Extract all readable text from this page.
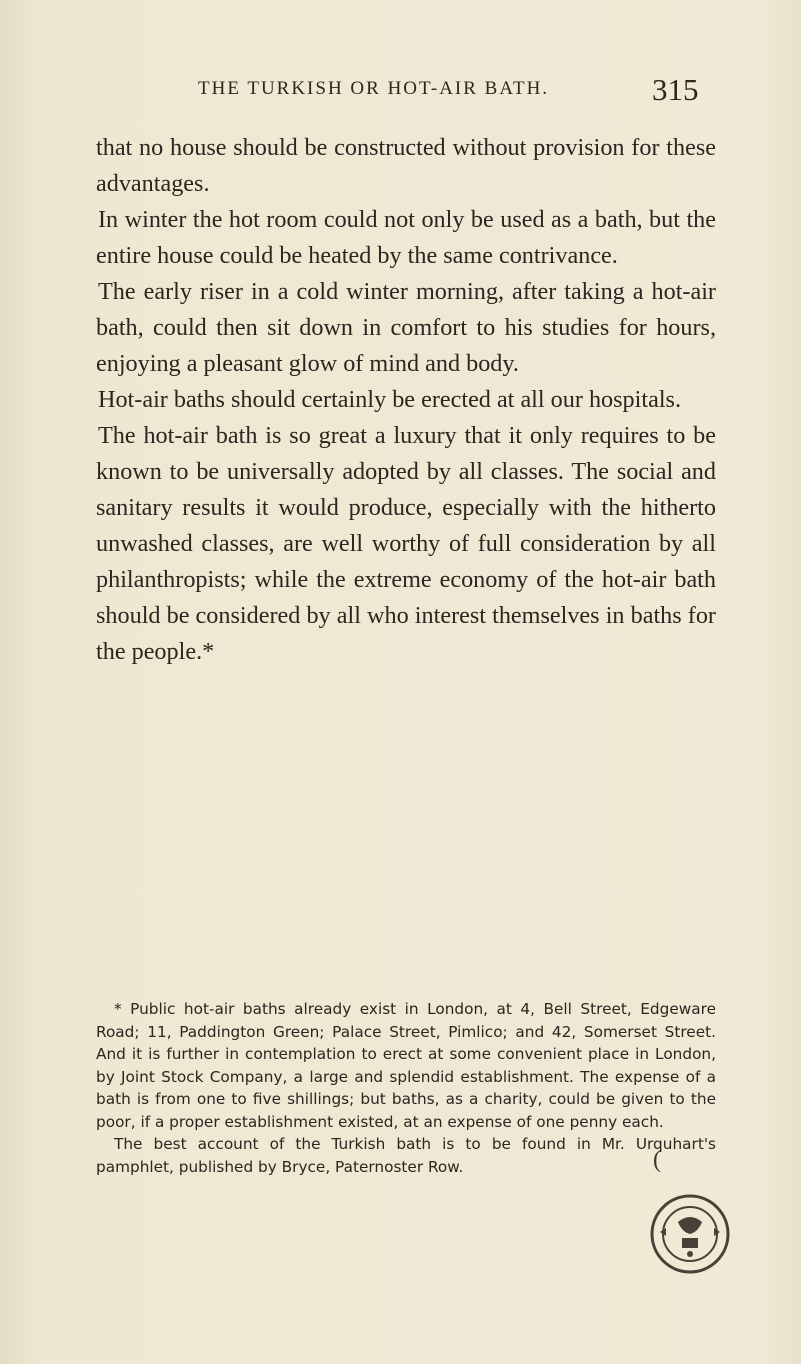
THE TURKISH OR HOT-AIR BATH.	315

that no house should be constructed without provision for these advantages.

In winter the hot room could not only be used as a bath, but the entire house could be heated by the same contrivance.

The early riser in a cold winter morning, after taking a hot-air bath, could then sit down in comfort to his studies for hours, enjoying a pleasant glow of mind and body.

Hot-air baths should certainly be erected at all our hospitals.

The hot-air bath is so great a luxury that it only requires to be known to be universally adopted by all classes. The social and sanitary results it would produce, especially with the hitherto unwashed classes, are well worthy of full consideration by all philanthropists; while the extreme economy of the hot-air bath should be considered by all who interest themselves in baths for the people.*

* Public hot-air baths already exist in London, at 4, Bell Street, Edgeware Road; 11, Paddington Green; Palace Street, Pimlico; and 42, Somerset Street. And it is further in contemplation to erect at some convenient place in London, by Joint Stock Company, a large and splendid establishment. The expense of a bath is from one to five shillings; but baths, as a charity, could be given to the poor, if a proper establishment existed, at an expense of one penny each.

The best account of the Turkish bath is to be found in Mr. Urquhart's pamphlet, published by Bryce, Paternoster Row.	(
